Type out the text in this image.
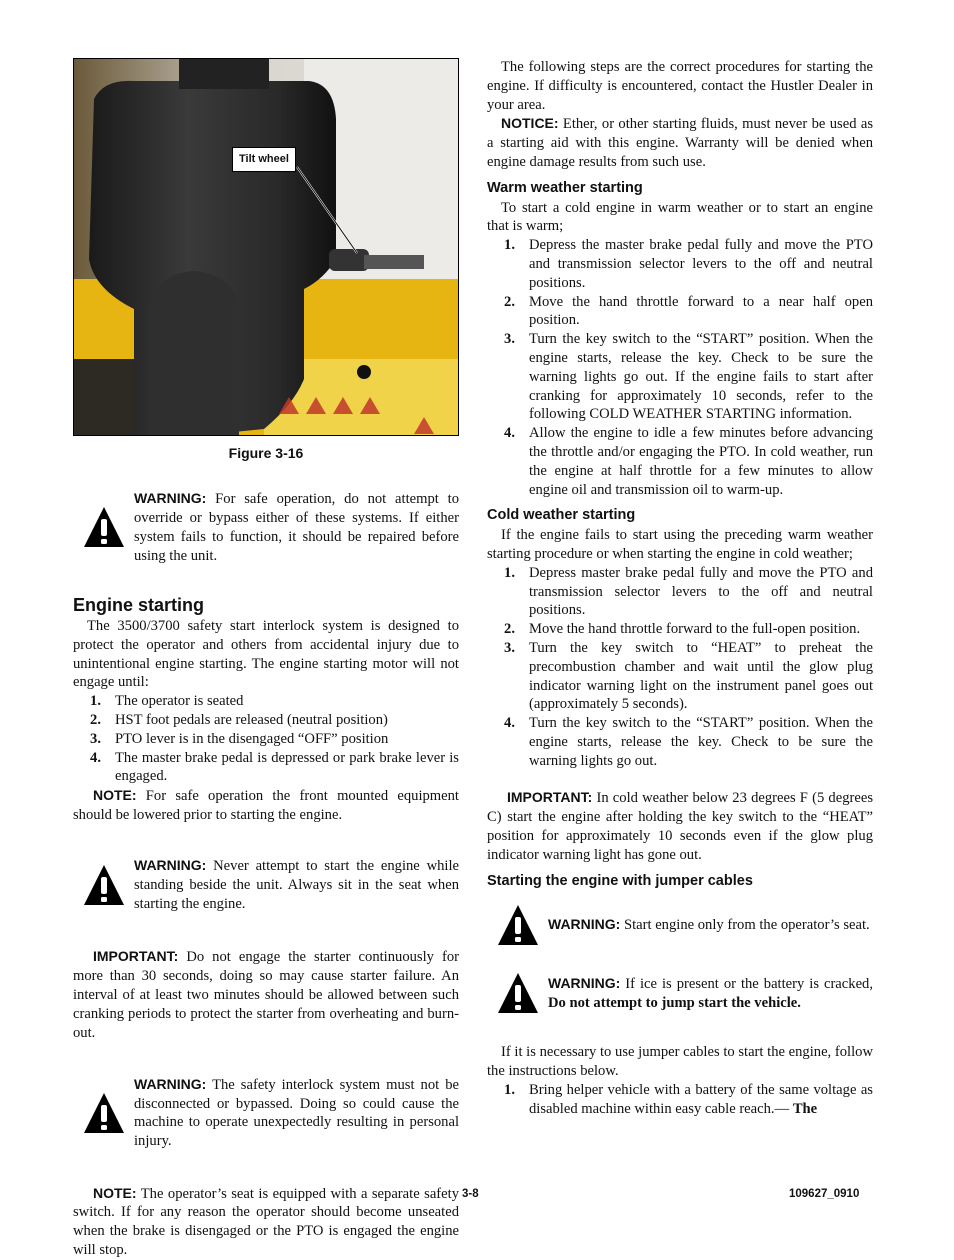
Tilt wheel
Figure 3-16

WARNING: For safe operation, do not attempt to override or bypass either of these systems. If either system fails to function, it should be repaired before using the unit.

Engine starting

The 3500/3700 safety start interlock system is designed to protect the operator and others from accidental injury due to unintentional engine starting. The engine starting motor will not engage until:

1. The operator is seated
2. HST foot pedals are released (neutral position)
3. PTO lever is in the disengaged “OFF” position
4. The master brake pedal is depressed or park brake lever is engaged.

NOTE: For safe operation the front mounted equipment should be lowered prior to starting the engine.

WARNING: Never attempt to start the engine while standing beside the unit. Always sit in the seat when starting the engine.

IMPORTANT: Do not engage the starter continuously for more than 30 seconds, doing so may cause starter failure. An interval of at least two minutes should be allowed between such cranking periods to protect the starter from overheating and burn-out.

WARNING: The safety interlock system must not be disconnected or bypassed. Doing so could cause the machine to operate unexpectedly resulting in personal injury.

NOTE: The operator’s seat is equipped with a separate safety switch. If for any reason the operator should become unseated when the brake is disengaged or the PTO is engaged the engine will stop.

The following steps are the correct procedures for starting the engine. If difficulty is encountered, contact the Hustler Dealer in your area.

NOTICE: Ether, or other starting fluids, must never be used as a starting aid with this engine. Warranty will be denied when engine damage results from such use.

Warm weather starting

To start a cold engine in warm weather or to start an engine that is warm;

1. Depress the master brake pedal fully and move the PTO and transmission selector levers to the off and neutral positions.
2. Move the hand throttle forward to a near half open position.
3. Turn the key switch to the “START” position. When the engine starts, release the key. Check to be sure the warning lights go out. If the engine fails to start after cranking for approximately 10 seconds, refer to the following COLD WEATHER STARTING information.
4. Allow the engine to idle a few minutes before advancing the throttle and/or engaging the PTO. In cold weather, run the engine at half throttle for a few minutes to allow engine oil and transmission oil to warm-up.
Cold weather starting

If the engine fails to start using the preceding warm weather starting procedure or when starting the engine in cold weather;

1. Depress master brake pedal fully and move the PTO and transmission selector levers to the off and neutral positions.
2. Move the hand throttle forward to the full-open position.
3. Turn the key switch to “HEAT” to preheat the precombustion chamber and wait until the glow plug indicator warning light on the instrument panel goes out (approximately 5 seconds).
4. Turn the key switch to the “START” position. When the engine starts, release the key. Check to be sure the warning lights go out.

IMPORTANT: In cold weather below 23 degrees F (5 degrees C) start the engine after holding the key switch to the “HEAT” position for approximately 10 seconds even if the glow plug indicator warning light has gone out.

Starting the engine with jumper cables

WARNING: Start engine only from the operator’s seat.

WARNING: If ice is present or the battery is cracked, Do not attempt to jump start the vehicle.

If it is necessary to use jumper cables to start the engine, follow the instructions below.

1. Bring helper vehicle with a battery of the same voltage as disabled machine within easy cable reach.— The
3-8	109627_0910
